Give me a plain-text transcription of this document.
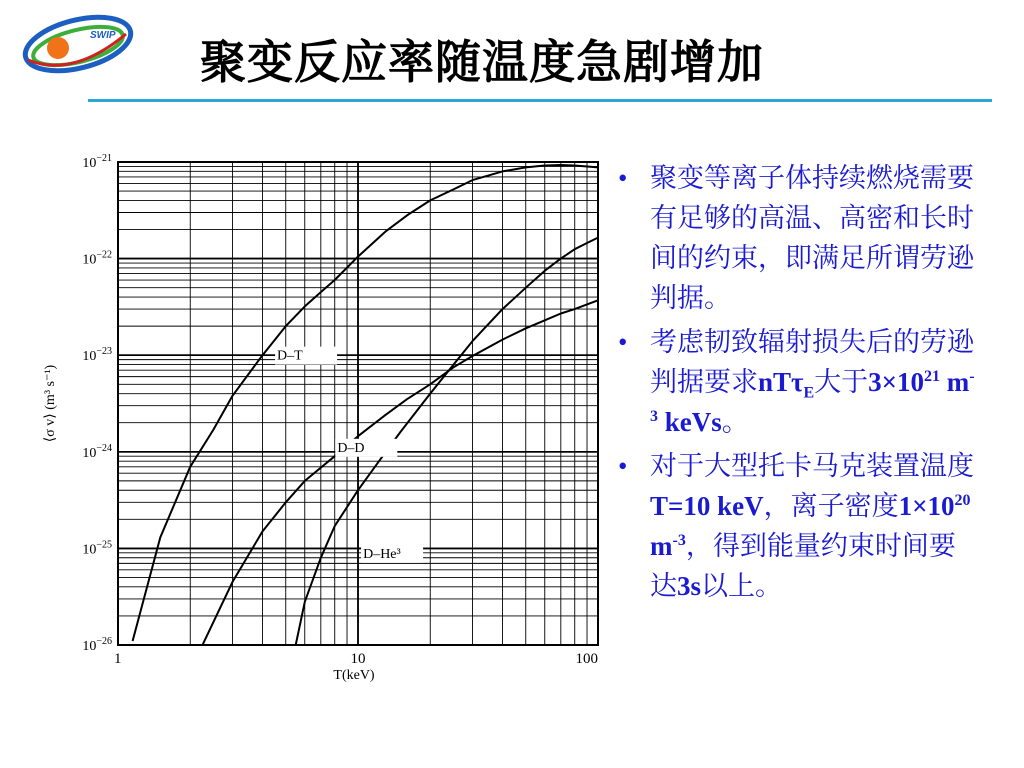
SWIP 聚变反应率随温度急剧增加
$10^{-26}$
$10^{-25}$
$10^{-24}$
$10^{-23}$
$10^{-22}$
$10^{-21}$
1	10	100
D–T
D–D
D–He³
T(keV)
⟨σ v⟩ (m³ s⁻¹)
• 聚变等离子体持续燃烧需要有足够的高温、高密和长时间的约束，即满足所谓劳逊判据。
• 考虑韧致辐射损失后的劳逊判据要求nTτ$_E$大于$3\times 10^{21}$ $m^{-3}$ keVs。
• 对于大型托卡马克装置温度T=10 keV，离子密度$1\times 10^{20}$ $m^{-3}$，得到能量约束时间要达3s以上。
